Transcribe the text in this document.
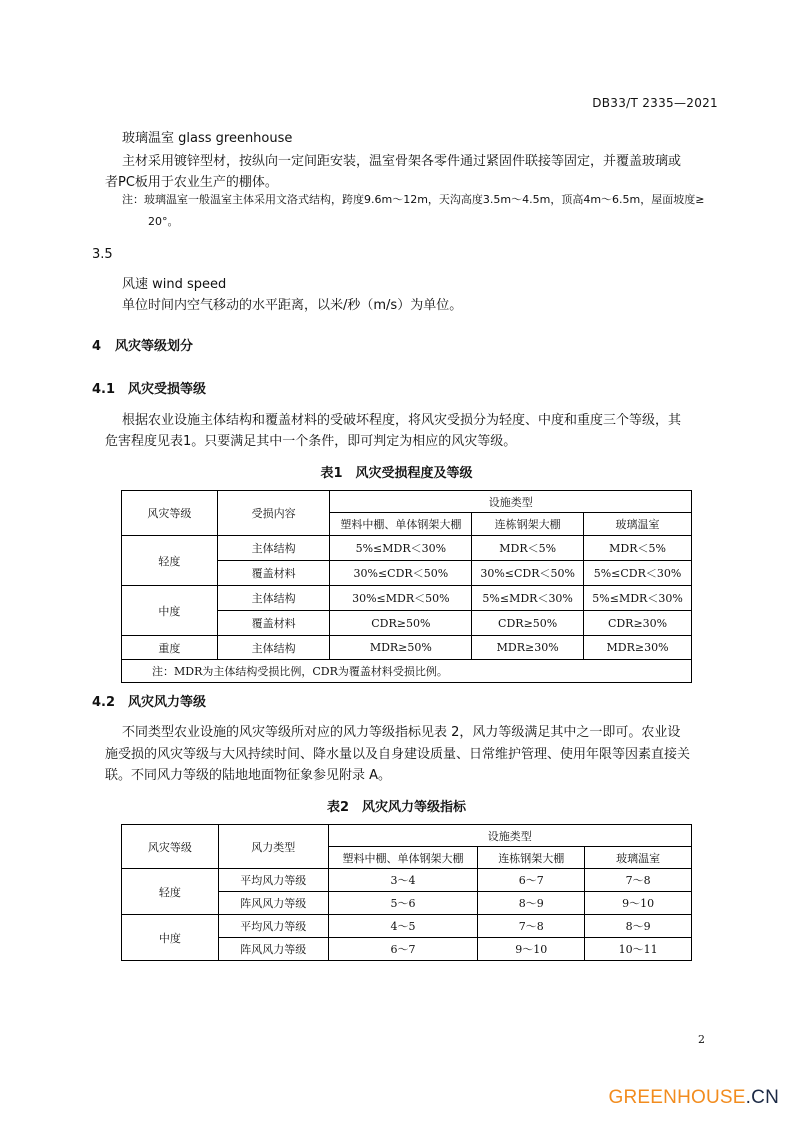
DB33/T 2335—2021
玻璃温室 glass greenhouse
主材采用镀锌型材，按纵向一定间距安装，温室骨架各零件通过紧固件联接等固定，并覆盖玻璃或
者PC板用于农业生产的棚体。
注：玻璃温室一般温室主体采用文洛式结构，跨度9.6m～12m，天沟高度3.5m～4.5m，顶高4m～6.5m，屋面坡度≥
20°。
3.5
风速 wind speed
单位时间内空气移动的水平距离，以米/秒（m/s）为单位。
4 风灾等级划分
4.1 风灾受损等级
根据农业设施主体结构和覆盖材料的受破坏程度，将风灾受损分为轻度、中度和重度三个等级，其
危害程度见表1。只要满足其中一个条件，即可判定为相应的风灾等级。
表1　风灾受损程度及等级
风灾等级	受损内容	设施类型		
		塑料中棚、单体钢架大棚	连栋钢架大棚	玻璃温室
轻度	主体结构	5%≤MDR＜30%	MDR＜5%	MDR＜5%
	覆盖材料	30%≤CDR＜50%	30%≤CDR＜50%	5%≤CDR＜30%
中度	主体结构	30%≤MDR＜50%	5%≤MDR＜30%	5%≤MDR＜30%
	覆盖材料	CDR≥50%	CDR≥50%	CDR≥30%
重度	主体结构	MDR≥50%	MDR≥30%	MDR≥30%
注：MDR为主体结构受损比例，CDR为覆盖材料受损比例。				
4.2 风灾风力等级
不同类型农业设施的风灾等级所对应的风力等级指标见表 2，风力等级满足其中之一即可。农业设
施受损的风灾等级与大风持续时间、降水量以及自身建设质量、日常维护管理、使用年限等因素直接关
联。不同风力等级的陆地地面物征象参见附录 A。
表2　风灾风力等级指标
风灾等级	风力类型	设施类型		
		塑料中棚、单体钢架大棚	连栋钢架大棚	玻璃温室
轻度	平均风力等级	3～4	6～7	7～8
	阵风风力等级	5～6	8～9	9～10
中度	平均风力等级	4～5	7～8	8～9
	阵风风力等级	6～7	9～10	10～11
2
GREENHOUSE.CN
